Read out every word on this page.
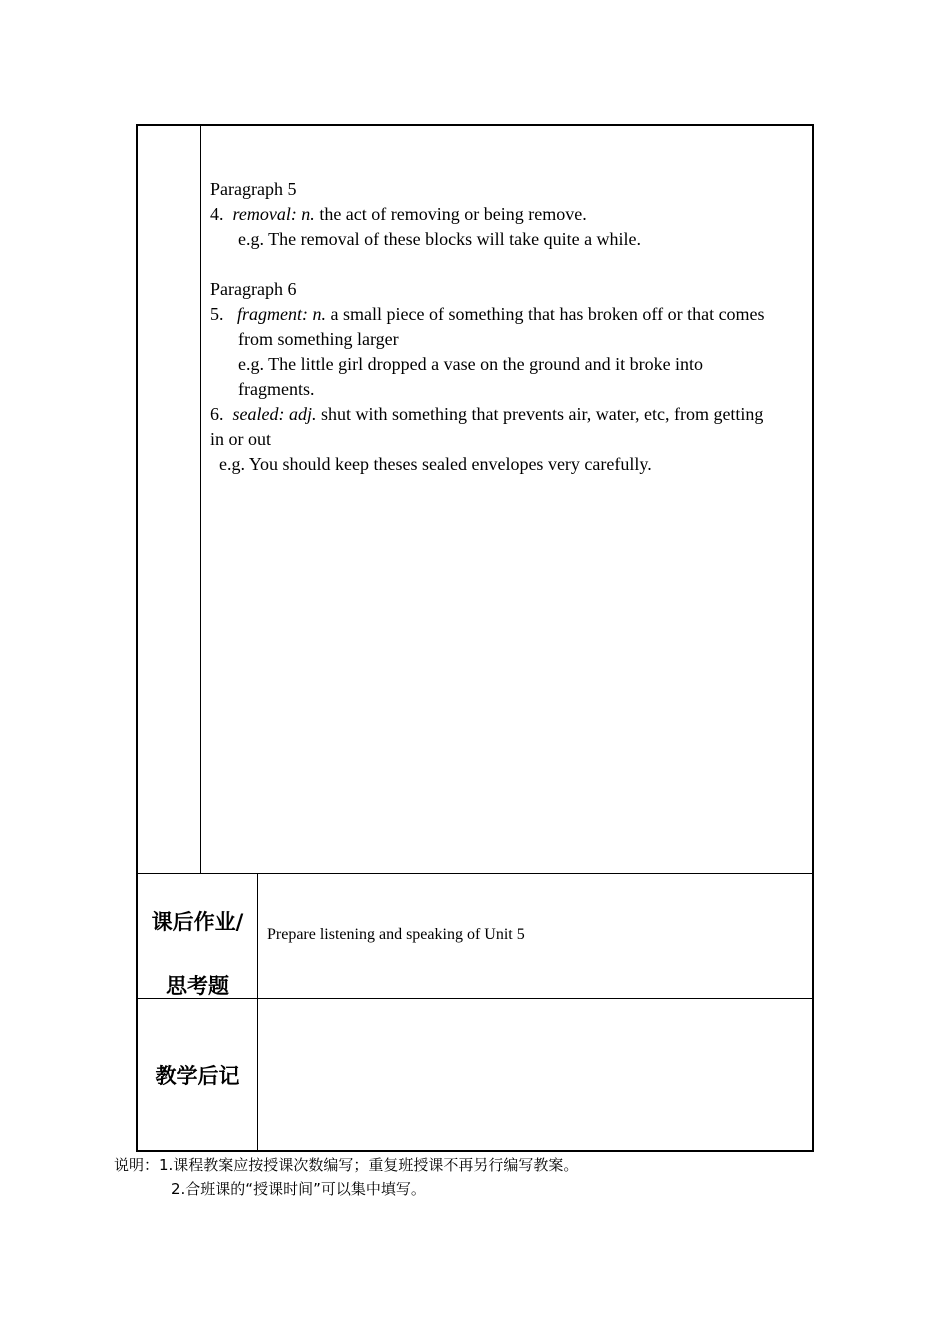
Paragraph 5
4. removal: n. the act of removing or being remove.
e.g. The removal of these blocks will take quite a while.
Paragraph 6
5. fragment: n. a small piece of something that has broken off or that comes
from something larger
e.g. The little girl dropped a vase on the ground and it broke into
fragments.
6. sealed: adj. shut with something that prevents air, water, etc, from getting
in or out
e.g. You should keep theses sealed envelopes very carefully.
课后作业/
思考题
Prepare listening and speaking of Unit 5
教学后记
说明：1.课程教案应按授课次数编写；重复班授课不再另行编写教案。
2.合班课的“授课时间”可以集中填写。
